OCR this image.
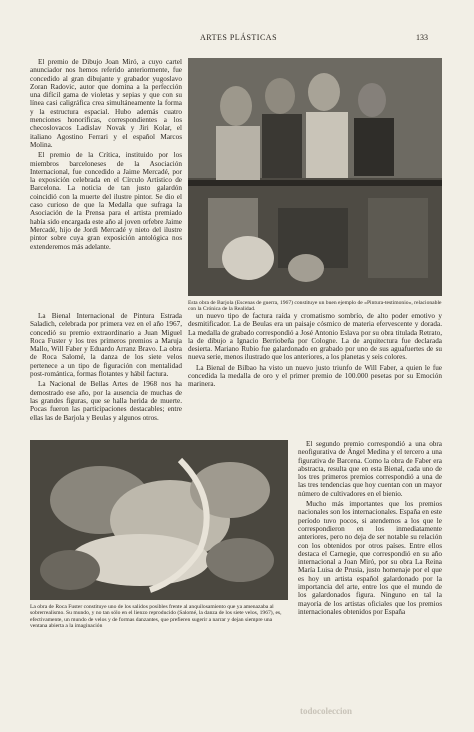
ARTES PLÁSTICAS	133

El premio de Dibujo Joan Miró, a cuyo cartel anunciador nos hemos referido anteriormente, fue concedido al gran dibujante y grabador yugoslavo Zoran Radovic, autor que domina a la perfección una difícil gama de violetas y sepias y que con su línea casi caligráfica crea simultáneamente la forma y la estructura espacial. Hubo además cuatro menciones honoríficas, correspondientes a los checoslovacos Ladislav Novak y Jiri Kolar, el italiano Agostino Ferrari y el español Marcos Molina.

El premio de la Crítica, instituido por los miembros barceloneses de la Asociación Internacional, fue concedido a Jaime Mercadé, por la exposición celebrada en el Círculo Artístico de Barcelona. La noticia de tan justo galardón coincidió con la muerte del ilustre pintor. Se dio el caso curioso de que la Medalla que sufraga la Asociación de la Prensa para el artista premiado había sido encargada este año al joven orfebre Jaime Mercadé, hijo de Jordi Mercadé y nieto del ilustre pintor sobre cuya gran exposición antológica nos extenderemos más adelante.

Esta obra de Barjola (Escenas de guerra, 1967) constituye un buen ejemplo de «Pintura-testimonio», relacionable con la Crónica de la Realidad.

La Bienal Internacional de Pintura Estrada Saladich, celebrada por primera vez en el año 1967, concedió su premio extraordinario a Juan Miguel Roca Fuster y los tres primeros premios a Maruja Mallo, Will Faber y Eduardo Arranz Bravo. La obra de Roca Salomé, la danza de los siete velos pertenece a un tipo de figuración con mentalidad post-romántica, formas flotantes y hábil factura.

La Nacional de Bellas Artes de 1968 nos ha demostrado ese año, por la ausencia de muchas de las grandes figuras, que se halla herida de muerte. Pocas fueron las participaciones destacables; entre ellas las de Barjola y Beulas y algunos otros.

un nuevo tipo de factura raída y cromatismo sombrío, de alto poder emotivo y desmitificador. La de Beulas era un paisaje cósmico de materia efervescente y dorada. La medalla de grabado correspondió a José Antonio Eslava por su obra titulada Retrato, la de dibujo a Ignacio Berriobeña por Cologne. La de arquitectura fue declarada desierta. Mariano Rubio fue galardonado en grabado por uno de sus aguafuertes de su nueva serie, menos ilustrado que los anteriores, a los planetas y seis colores.

La Bienal de Bilbao ha visto un nuevo justo triunfo de Will Faber, a quien le fue concedida la medalla de oro y el primer premio de 100.000 pesetas por su Emoción marinera.

La obra de Roca Fuster constituye uno de los salidos posibles frente al anquilosamiento que ya amenazaba al sobrerrealismo. Su mundo, y no tan sólo en el lienzo reproducido (Salomé, la danza de los siete velos, 1967), es, efectivamente, un mundo de velos y de formas danzantes, que prefieren sugerir a narrar y dejan siempre una ventana abierta a la imaginación

El segundo premio correspondió a una obra neofigurativa de Ángel Medina y el tercero a una figurativa de Barcena. Como la obra de Faber era abstracta, resulta que en esta Bienal, cada uno de los tres primeros premios correspondió a una de las tres tendencias que hoy cuentan con un mayor número de cultivadores en el bienio.

Mucho más importantes que los premios nacionales son los internacionales. España en este período tuvo pocos, si atendemos a los que le correspondieron en los inmediatamente anteriores, pero no deja de ser notable su relación con los obtenidos por otros países. Entre ellos destaca el Carnegie, que correspondió en su año internacional a Joan Miró, por su obra La Reina María Luisa de Prusia, justo homenaje por el que es hoy un artista español galardonado por la importancia del arte, entre los que el mundo de los galardonados figura. Ninguno en tal la mayoría de los artistas oficiales que los premios internacionales obtenidos por España

todocoleccion
